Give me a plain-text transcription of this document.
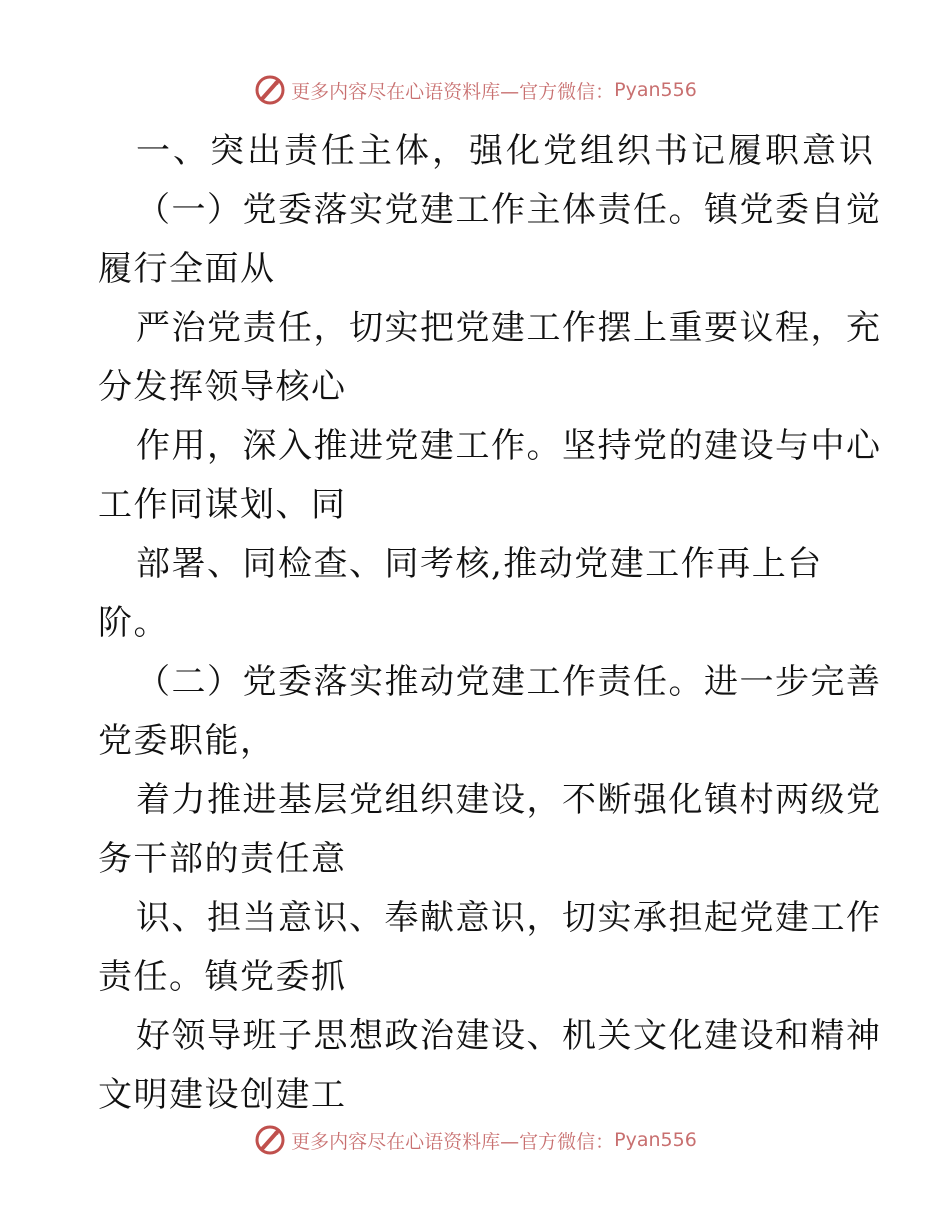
更多内容尽在心语资料库—官方微信： Pyan556
一、突出责任主体，强化党组织书记履职意识
（一）党委落实党建工作主体责任。镇党委自觉
履行全面从
严治党责任，切实把党建工作摆上重要议程，充
分发挥领导核心
作用，深入推进党建工作。坚持党的建设与中心
工作同谋划、同
部署、同检查、同考核,推动党建工作再上台
阶。
（二）党委落实推动党建工作责任。进一步完善
党委职能，
着力推进基层党组织建设，不断强化镇村两级党
务干部的责任意
识、担当意识、奉献意识，切实承担起党建工作
责任。镇党委抓
好领导班子思想政治建设、机关文化建设和精神
文明建设创建工
更多内容尽在心语资料库—官方微信： Pyan556
